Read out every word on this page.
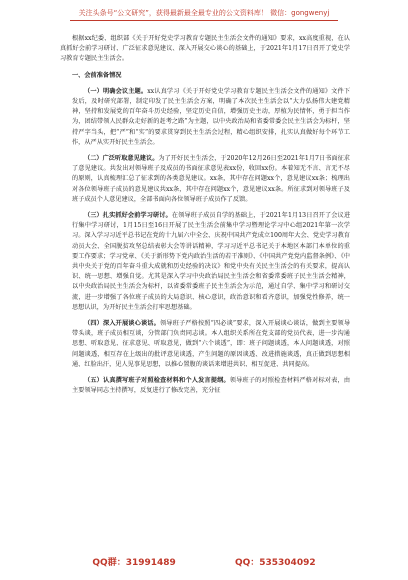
关注头条号“公文研究”，获得最新最全最专业的公文资料库！ 微信：gongwenyj

根据xx纪委、组织部《关于开好党史学习教育专题民主生活会文件的通知》要求，xx高度重视，在认真抓好会前学习研讨、广泛征求意见建议、深入开展交心谈心的基础上，于2021年1月17日召开了党史学习教育专题民主生活会。

一、会前准备情况

（一）明确会议主题。xx认真学习《关于开好党史学习教育专题民主生活会文件的通知》文件下发后，及时研究部署，制定印发了民主生活会方案，明确了本次民主生活会以“大力弘扬伟大建党精神，坚持和发展党的百年奋斗历史经验，坚定历史自信，增强历史主动，厚植为民情怀，勇于担当作为，团结带领人民群众走好新的赶考之路”为主题，以中央政治局和省委常委会民主生活会为标杆，坚持严字当头，把“严”和“实”的要求贯穿到民主生活会过程，精心组织安排，扎实认真做好每个环节工作，从严从实开好民主生活会。

（二）广泛听取意见建议。为了开好民主生活会，于2020年12月26日至2021年1月7日书面征求了意见建议。共发出对领导班子及成员的书面征求意见表xx份，收回xx份。本着知无不言、言无不尽的原则，认真梳理汇总了征求到的各类意见建议。xx条，其中存在问题xx个，意见建议xx条；梳理出对各位领导班子成员的意见建议共xx条，其中存在问题xx个，意见建议xx条。所征求到对领导班子及班子成员个人意见建议，全部书面向各位领导班子成员作了反馈。

（三）扎实抓好会前学习研讨。在领导班子成员自学的基础上，于2021年1月13日召开了会议进行集中学习研讨，1月15日至16日开展了民主生活会前集中学习暨理论学习中心组2021年第一次学习。深入学习习近平总书记在党的十九届六中全会、庆祝中国共产党成立100周年大会、党史学习教育动员大会、全国脱贫攻坚总结表彰大会等讲话精神，学习习近平总书记关于本地区本部门本单位的重要工作要求；学习党章、《关于新形势下党内政治生活的若干准则》、《中国共产党党内监督条例》、《中共中央关于党的百年奋斗重大成就和历史经验的决议》和党中央有关民主生活会的有关要求，提高认识、统一思想、增强自觉。尤其是深入学习中央政治局民主生活会和省委常委班子民主生活会精神，以中央政治局民主生活会为标杆，以省委常委班子民主生活会为示范，通过自学、集中学习和研讨交流，进一步增强了各位班子成员的大局意识、核心意识，政治意识和看齐意识，加强党性修养，统一思想认识，为开好民主生活会打牢思想基础。

（四）深入开展谈心谈话。领导班子严格按照“四必谈”要求，深入开展谈心谈话，做到主要领导带头谈，班子成员相互谈，分管部门负责同志谈。本人组织关系所在党支部的党员代表，进一步沟通思想、听取意见、征求意见、听取意见，做到“六个谈透”，即：班子问题谈透，本人问题谈透，对照问题谈透，相互存在上级出的批评意见谈透，产生问题的原因谈透、改进措施谈透，真正做到思想相通、红脸出汗，见人见事见思想，以推心置腹的谈话来增进共识、相互促进、共同提高。

（五）认真撰写班子对照检查材料和个人发言提纲。领导班子的对照检查材料严格对标对表，由主要领导同志主持撰写，反复进行了修改完善，充分征

QQ群：31991489	QQ：535304092
